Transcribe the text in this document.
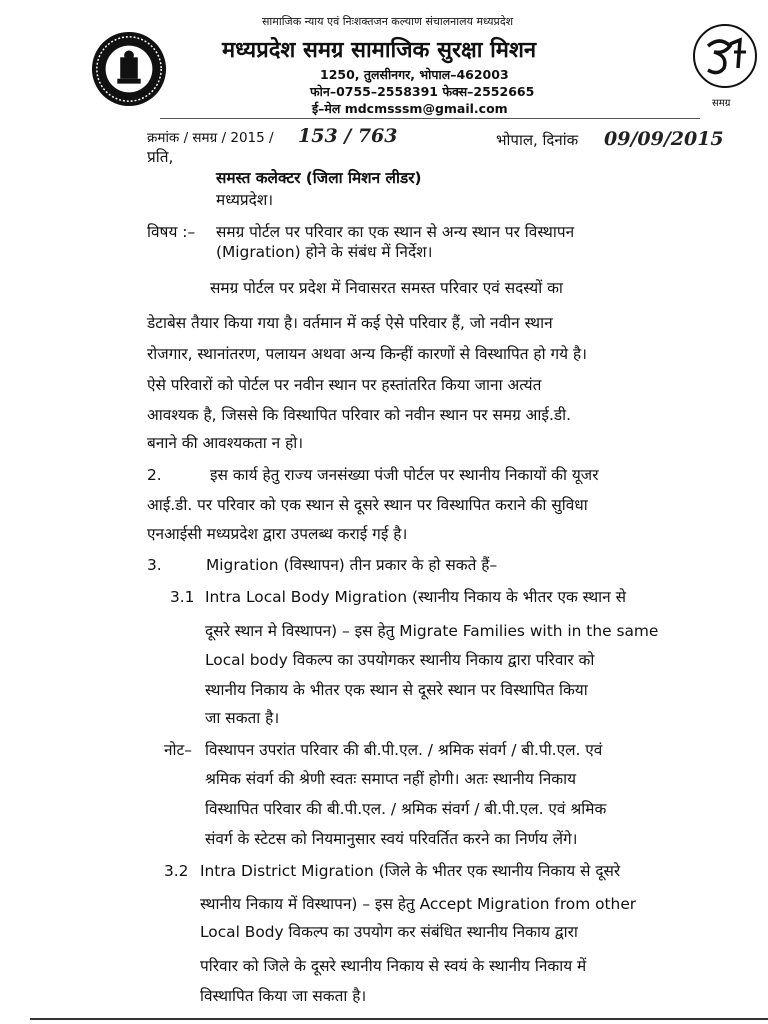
समग्र
सामाजिक न्याय एवं निःशक्तजन कल्याण संचालनालय मध्यप्रदेश
मध्यप्रदेश समग्र सामाजिक सुरक्षा मिशन
1250, तुलसीनगर, भोपाल–462003
फोन–0755–2558391 फेक्स–2552665
ई–मेल mdcmsssm@gmail.com
क्रमांक / समग्र / 2015 / 153 / 763	भोपाल, दिनांक 09/09/2015
प्रति,
समस्त कलेक्टर (जिला मिशन लीडर)
मध्यप्रदेश।
विषय :– समग्र पोर्टल पर परिवार का एक स्थान से अन्य स्थान पर विस्थापन
(Migration) होने के संबंध में निर्देश।
समग्र पोर्टल पर प्रदेश में निवासरत समस्त परिवार एवं सदस्यों का
डेटाबेस तैयार किया गया है। वर्तमान में कई ऐसे परिवार हैं, जो नवीन स्थान
रोजगार, स्थानांतरण, पलायन अथवा अन्य किन्हीं कारणों से विस्थापित हो गये है।
ऐसे परिवारों को पोर्टल पर नवीन स्थान पर हस्तांतरित किया जाना अत्यंत
आवश्यक है, जिससे कि विस्थापित परिवार को नवीन स्थान पर समग्र आई.डी.
बनाने की आवश्यकता न हो।
2.	इस कार्य हेतु राज्य जनसंख्या पंजी पोर्टल पर स्थानीय निकायों की यूजर
आई.डी. पर परिवार को एक स्थान से दूसरे स्थान पर विस्थापित कराने की सुविधा
एनआईसी मध्यप्रदेश द्वारा उपलब्ध कराई गई है।
3.	Migration (विस्थापन) तीन प्रकार के हो सकते हैं–
3.1 Intra Local Body Migration (स्थानीय निकाय के भीतर एक स्थान से
दूसरे स्थान मे विस्थापन) – इस हेतु Migrate Families with in the same
Local body विकल्प का उपयोगकर स्थानीय निकाय द्वारा परिवार को
स्थानीय निकाय के भीतर एक स्थान से दूसरे स्थान पर विस्थापित किया
जा सकता है।
नोट– विस्थापन उपरांत परिवार की बी.पी.एल. / श्रमिक संवर्ग / बी.पी.एल. एवं
श्रमिक संवर्ग की श्रेणी स्वतः समाप्त नहीं होगी। अतः स्थानीय निकाय
विस्थापित परिवार की बी.पी.एल. / श्रमिक संवर्ग / बी.पी.एल. एवं श्रमिक
संवर्ग के स्टेटस को नियमानुसार स्वयं परिवर्तित करने का निर्णय लेंगे।
3.2 Intra District Migration (जिले के भीतर एक स्थानीय निकाय से दूसरे
स्थानीय निकाय में विस्थापन) – इस हेतु Accept Migration from other
Local Body विकल्प का उपयोग कर संबंधित स्थानीय निकाय द्वारा
परिवार को जिले के दूसरे स्थानीय निकाय से स्वयं के स्थानीय निकाय में
विस्थापित किया जा सकता है।
